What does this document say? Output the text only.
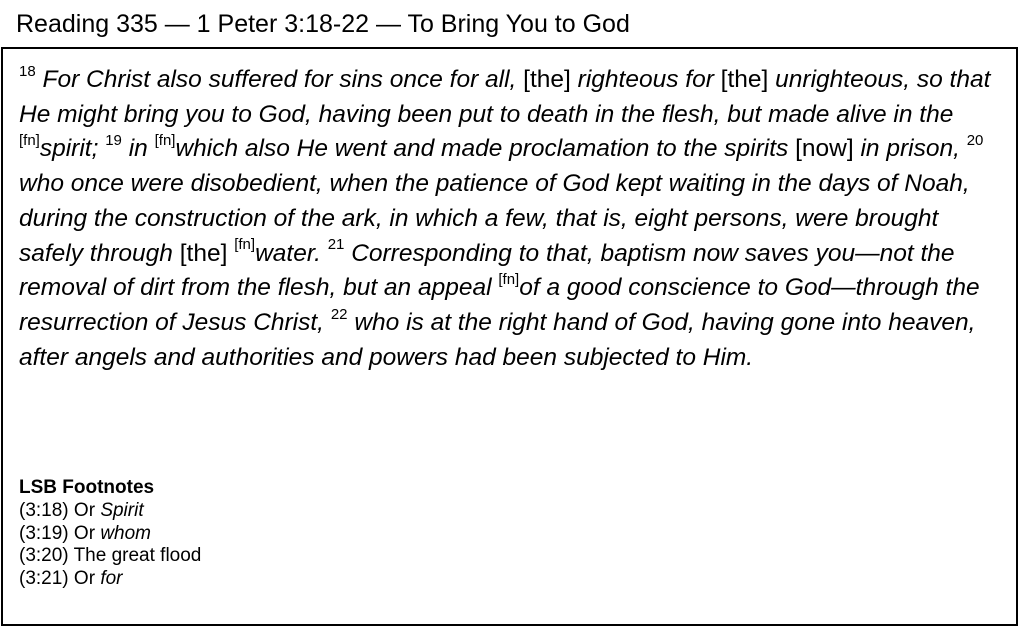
Reading 335 — 1 Peter 3:18-22 — To Bring You to God
$^{18}$ For Christ also suffered for sins once for all, [the] righteous for [the] unrighteous, so that He might bring you to God, having been put to death in the flesh, but made alive in the [fn]spirit; $^{19}$ in [fn]which also He went and made proclamation to the spirits [now] in prison, $^{20}$ who once were disobedient, when the patience of God kept waiting in the days of Noah, during the construction of the ark, in which a few, that is, eight persons, were brought safely through [the] [fn]water. $^{21}$ Corresponding to that, baptism now saves you—not the removal of dirt from the flesh, but an appeal [fn]of a good conscience to God—through the resurrection of Jesus Christ, $^{22}$ who is at the right hand of God, having gone into heaven, after angels and authorities and powers had been subjected to Him.
LSB Footnotes
(3:18) Or Spirit
(3:19) Or whom
(3:20) The great flood
(3:21) Or for
